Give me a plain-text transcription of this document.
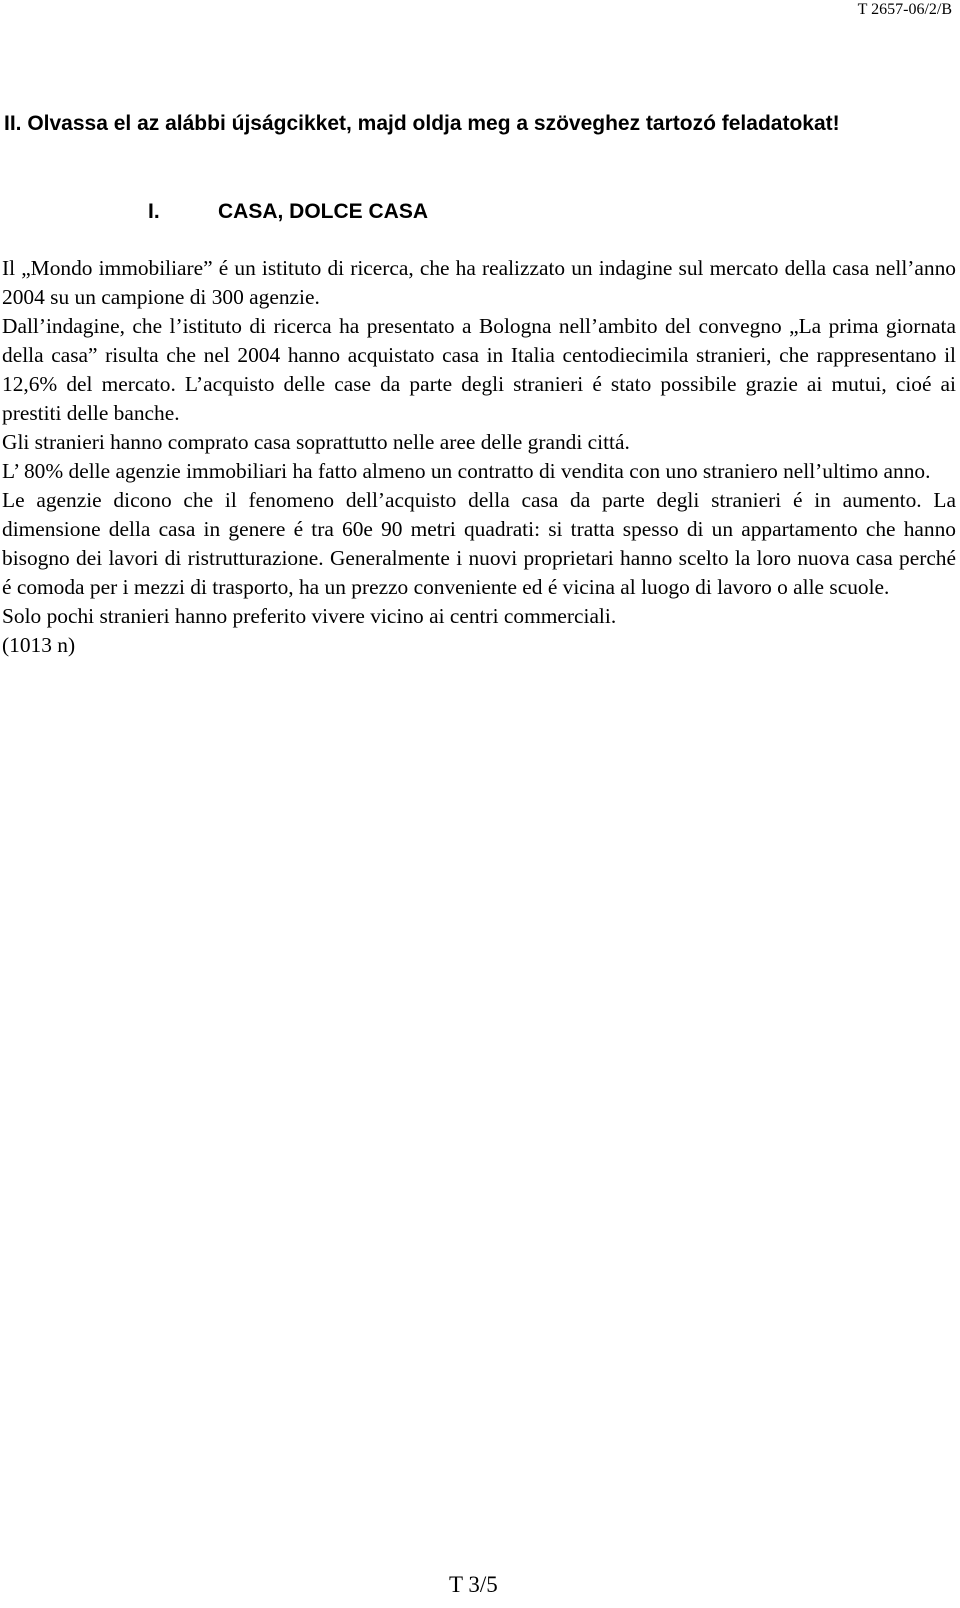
T 2657-06/2/B
II. Olvassa el az alábbi újságcikket, majd oldja meg a szöveghez tartozó feladatokat!
I.	CASA, DOLCE CASA

Il „Mondo immobiliare” é un istituto di ricerca, che ha realizzato un indagine sul mercato della casa nell’anno 2004 su un campione di 300 agenzie.

Dall’indagine, che l’istituto di ricerca ha presentato a Bologna nell’ambito del convegno „La prima giornata della casa” risulta che nel 2004 hanno acquistato casa in Italia centodiecimila stranieri, che rappresentano il 12,6% del mercato. L’acquisto delle case da parte degli stranieri é stato possibile grazie ai mutui, cioé ai prestiti delle banche.

Gli stranieri hanno comprato casa soprattutto nelle aree delle grandi cittá.

L’ 80% delle agenzie immobiliari ha fatto almeno un contratto di vendita con uno straniero nell’ultimo anno.

Le agenzie dicono che il fenomeno dell’acquisto della casa da parte degli stranieri é in aumento. La dimensione della casa in genere é tra 60e 90 metri quadrati: si tratta spesso di un appartamento che hanno bisogno dei lavori di ristrutturazione. Generalmente i nuovi proprietari hanno scelto la loro nuova casa perché é comoda per i mezzi di trasporto, ha un prezzo conveniente ed é vicina al luogo di lavoro o alle scuole.

Solo pochi stranieri hanno preferito vivere vicino ai centri commerciali.

(1013 n)

T 3/5
